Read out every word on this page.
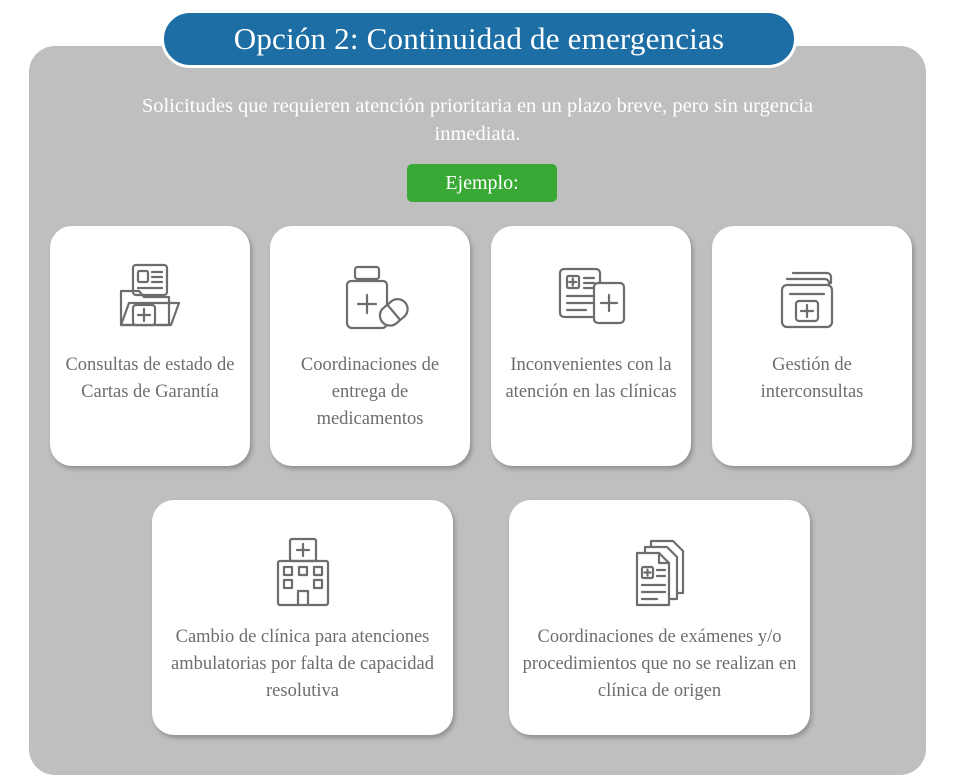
Opción 2: Continuidad de emergencias
Solicitudes que requieren atención prioritaria en un plazo breve, pero sin urgencia inmediata.
Ejemplo:
Consultas de estado de Cartas de Garantía
Coordinaciones de entrega de medicamentos
Inconvenientes con la atención en las clínicas
Gestión de interconsultas
Cambio de clínica para atenciones ambulatorias por falta de capacidad resolutiva
Coordinaciones de exámenes y/o procedimientos que no se realizan en clínica de origen
